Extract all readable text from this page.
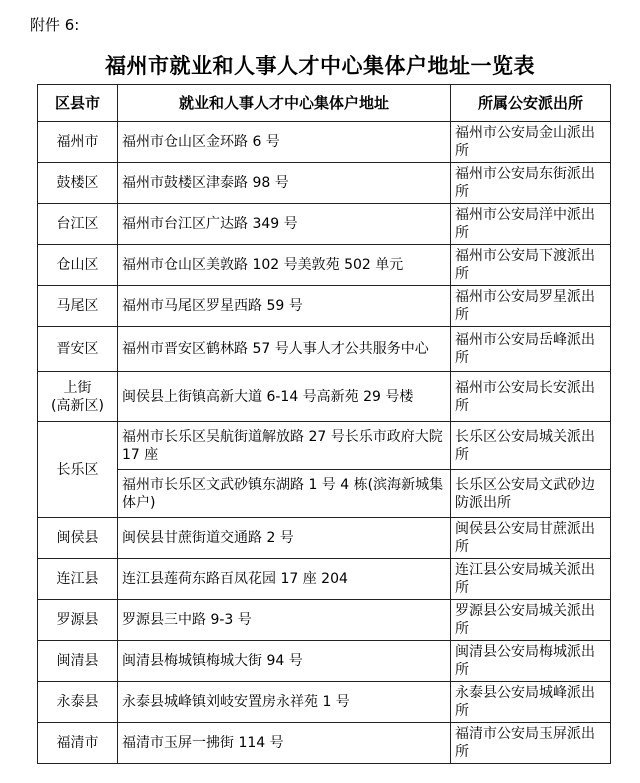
附件 6:
福州市就业和人事人才中心集体户地址一览表
区县市	就业和人事人才中心集体户地址	所属公安派出所
福州市	福州市仓山区金环路 6 号	福州市公安局金山派出所
鼓楼区	福州市鼓楼区津泰路 98 号	福州市公安局东街派出所
台江区	福州市台江区广达路 349 号	福州市公安局洋中派出所
仓山区	福州市仓山区美敦路 102 号美敦苑 502 单元	福州市公安局下渡派出所
马尾区	福州市马尾区罗星西路 59 号	福州市公安局罗星派出所
晋安区	福州市晋安区鹤林路 57 号人事人才公共服务中心	福州市公安局岳峰派出所

上街
(高新区)	闽侯县上街镇高新大道 6-14 号高新苑 29 号楼	福州市公安局长安派出所
长乐区	福州市长乐区吴航街道解放路 27 号长乐市政府大院 17 座	长乐区公安局城关派出所
	福州市长乐区文武砂镇东湖路 1 号 4 栋(滨海新城集体户)	长乐区公安局文武砂边防派出所
闽侯县	闽侯县甘蔗街道交通路 2 号	闽侯县公安局甘蔗派出所
连江县	连江县莲荷东路百凤花园 17 座 204	连江县公安局城关派出所
罗源县	罗源县三中路 9-3 号	罗源县公安局城关派出所
闽清县	闽清县梅城镇梅城大街 94 号	闽清县公安局梅城派出所
永泰县	永泰县城峰镇刘岐安置房永祥苑 1 号	永泰县公安局城峰派出所
福清市	福清市玉屏一拂街 114 号	福清市公安局玉屏派出所
